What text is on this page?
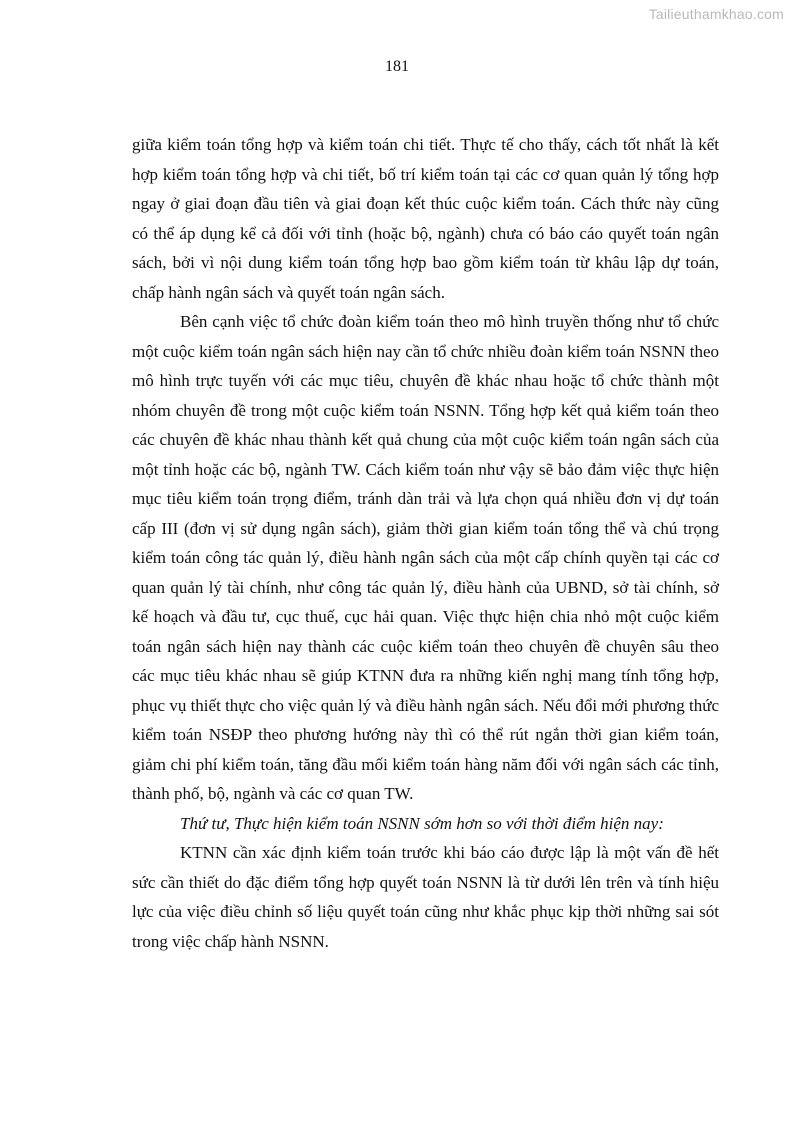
Tailieuthamkhao.com
181

giữa kiểm toán tổng hợp và kiểm toán chi tiết. Thực tế cho thấy, cách tốt nhất là kết hợp kiểm toán tổng hợp và chi tiết, bố trí kiểm toán tại các cơ quan quản lý tổng hợp ngay ở giai đoạn đầu tiên và giai đoạn kết thúc cuộc kiểm toán. Cách thức này cũng có thể áp dụng kể cả đối với tỉnh (hoặc bộ, ngành) chưa có báo cáo quyết toán ngân sách, bởi vì nội dung kiểm toán tổng hợp bao gồm kiểm toán từ khâu lập dự toán, chấp hành ngân sách và quyết toán ngân sách.

Bên cạnh việc tổ chức đoàn kiểm toán theo mô hình truyền thống như tổ chức một cuộc kiểm toán ngân sách hiện nay cần tổ chức nhiều đoàn kiểm toán NSNN theo mô hình trực tuyến với các mục tiêu, chuyên đề khác nhau hoặc tổ chức thành một nhóm chuyên đề trong một cuộc kiểm toán NSNN. Tổng hợp kết quả kiểm toán theo các chuyên đề khác nhau thành kết quả chung của một cuộc kiểm toán ngân sách của một tỉnh hoặc các bộ, ngành TW. Cách kiểm toán như vậy sẽ bảo đảm việc thực hiện mục tiêu kiểm toán trọng điểm, tránh dàn trải và lựa chọn quá nhiều đơn vị dự toán cấp III (đơn vị sử dụng ngân sách), giảm thời gian kiểm toán tổng thể và chú trọng kiểm toán công tác quản lý, điều hành ngân sách của một cấp chính quyền tại các cơ quan quản lý tài chính, như công tác quản lý, điều hành của UBND, sở tài chính, sở kế hoạch và đầu tư, cục thuế, cục hải quan. Việc thực hiện chia nhỏ một cuộc kiểm toán ngân sách hiện nay thành các cuộc kiểm toán theo chuyên đề chuyên sâu theo các mục tiêu khác nhau sẽ giúp KTNN đưa ra những kiến nghị mang tính tổng hợp, phục vụ thiết thực cho việc quản lý và điều hành ngân sách. Nếu đổi mới phương thức kiểm toán NSĐP theo phương hướng này thì có thể rút ngắn thời gian kiểm toán, giảm chi phí kiểm toán, tăng đầu mối kiểm toán hàng năm đối với ngân sách các tỉnh, thành phố, bộ, ngành và các cơ quan TW.

Thứ tư, Thực hiện kiểm toán NSNN sớm hơn so với thời điểm hiện nay:

KTNN cần xác định kiểm toán trước khi báo cáo được lập là một vấn đề hết sức cần thiết do đặc điểm tổng hợp quyết toán NSNN là từ dưới lên trên và tính hiệu lực của việc điều chỉnh số liệu quyết toán cũng như khắc phục kịp thời những sai sót trong việc chấp hành NSNN.
